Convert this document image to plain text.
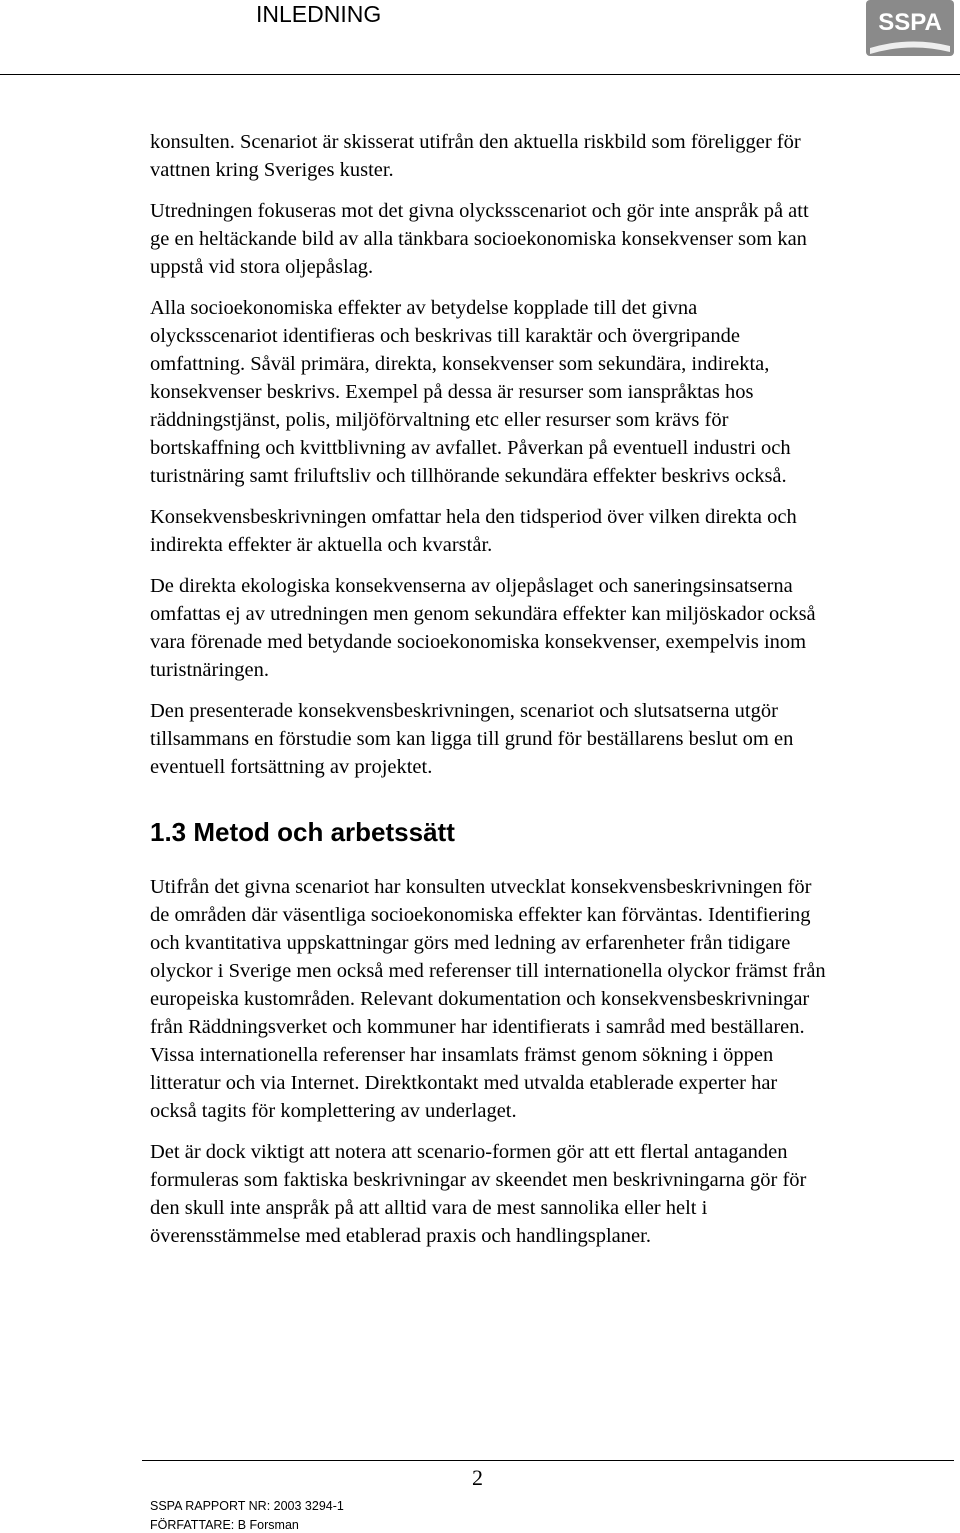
INLEDNING	SSPA

konsulten. Scenariot är skisserat utifrån den aktuella riskbild som föreligger för
vattnen kring Sveriges kuster.

Utredningen fokuseras mot det givna olycksscenariot och gör inte anspråk på att
ge en heltäckande bild av alla tänkbara socioekonomiska konsekvenser som kan
uppstå vid stora oljepåslag.

Alla socioekonomiska effekter av betydelse kopplade till det givna
olycksscenariot identifieras och beskrivas till karaktär och övergripande
omfattning. Såväl primära, direkta, konsekvenser som sekundära, indirekta,
konsekvenser beskrivs. Exempel på dessa är resurser som ianspråktas hos
räddningstjänst, polis, miljöförvaltning etc eller resurser som krävs för
bortskaffning och kvittblivning av avfallet. Påverkan på eventuell industri och
turistnäring samt friluftsliv och tillhörande sekundära effekter beskrivs också.

Konsekvensbeskrivningen omfattar hela den tidsperiod över vilken direkta och
indirekta effekter är aktuella och kvarstår.

De direkta ekologiska konsekvenserna av oljepåslaget och saneringsinsatserna
omfattas ej av utredningen men genom sekundära effekter kan miljöskador också
vara förenade med betydande socioekonomiska konsekvenser, exempelvis inom
turistnäringen.

Den presenterade konsekvensbeskrivningen, scenariot och slutsatserna utgör
tillsammans en förstudie som kan ligga till grund för beställarens beslut om en
eventuell fortsättning av projektet.

1.3 Metod och arbetssätt

Utifrån det givna scenariot har konsulten utvecklat konsekvensbeskrivningen för
de områden där väsentliga socioekonomiska effekter kan förväntas. Identifiering
och kvantitativa uppskattningar görs med ledning av erfarenheter från tidigare
olyckor i Sverige men också med referenser till internationella olyckor främst från
europeiska kustområden. Relevant dokumentation och konsekvensbeskrivningar
från Räddningsverket och kommuner har identifierats i samråd med beställaren.
Vissa internationella referenser har insamlats främst genom sökning i öppen
litteratur och via Internet. Direktkontakt med utvalda etablerade experter har
också tagits för komplettering av underlaget.

Det är dock viktigt att notera att scenario-formen gör att ett flertal antaganden
formuleras som faktiska beskrivningar av skeendet men beskrivningarna gör för
den skull inte anspråk på att alltid vara de mest sannolika eller helt i
överensstämmelse med etablerad praxis och handlingsplaner.

2
SSPA RAPPORT NR: 2003 3294-1
FÖRFATTARE: B Forsman
